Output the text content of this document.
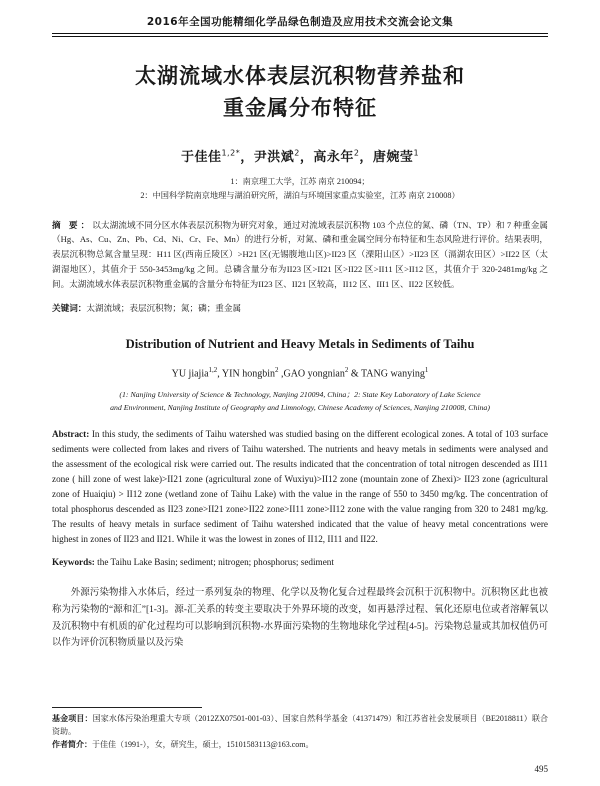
2016年全国功能精细化学品绿色制造及应用技术交流会论文集
太湖流域水体表层沉积物营养盐和
重金属分布特征
于佳佳$^{1,2*}$，尹洪斌$^2$，高永年$^2$，唐婉莹$^1$
1：南京理工大学，江苏 南京 210094；
2：中国科学院南京地理与湖泊研究所，湖泊与环境国家重点实验室，江苏 南京 210008）
摘 要：以太湖流域不同分区水体表层沉积物为研究对象，通过对流域表层沉积物 103 个点位的氮、磷（TN、TP）和 7 种重金属（Hg、As、Cu、Zn、Pb、Cd、Ni、Cr、Fe、Mn）的进行分析，对氮、磷和重金属空间分布特征和生态风险进行评价。结果表明，表层沉积物总氮含量呈现：H11 区(西南丘陵区）>H21 区(无锡腹地山区)>II23 区（溧阳山区）>II23 区（滆湖农田区）>II22 区（太湖湿地区），其值介于 550-3453mg/kg 之间。总磷含量分布为II23 区>II21 区>II22 区>II11 区>II12 区，其值介于 320-2481mg/kg 之间。太湖流域水体表层沉积物重金属的含量分布特征为II23 区、II21 区较高，II12 区、III1 区、II22 区较低。
关键词：太湖流域；表层沉积物；氮；磷；重金属
Distribution of Nutrient and Heavy Metals in Sediments of Taihu
YU jiajia$^{1,2}$, YIN hongbin$^2$ ,GAO yongnian$^2$ & TANG wanying$^1$
(1: Nanjing University of Science & Technology, Nanjing 210094, China；2: State Key Laboratory of Lake Science
and Environment, Nanjing Institute of Geography and Limnology, Chinese Academy of Sciences, Nanjing 210008, China)
Abstract: In this study, the sediments of Taihu watershed was studied basing on the different ecological zones. A total of 103 surface sediments were collected from lakes and rivers of Taihu watershed. The nutrients and heavy metals in sediments were analysed and the assessment of the ecological risk were carried out. The results indicated that the concentration of total nitrogen descended as II11 zone ( hill zone of west lake)>II21 zone (agricultural zone of Wuxiyu)>II12 zone (mountain zone of Zhexi)> II23 zone (agricultural zone of Huaiqiu) > II12 zone (wetland zone of Taihu Lake) with the value in the range of 550 to 3450 mg/kg. The concentration of total phosphorus descended as II23 zone>II21 zone>II22 zone>II11 zone>II12 zone with the value ranging from 320 to 2481 mg/kg. The results of heavy metals in surface sediment of Taihu watershed indicated that the value of heavy metal concentrations were highest in zones of II23 and II21. While it was the lowest in zones of II12, II11 and II22.
Keywords: the Taihu Lake Basin; sediment; nitrogen; phosphorus; sediment
外源污染物排入水体后，经过一系列复杂的物理、化学以及物化复合过程最终会沉积于沉积物中。沉积物区此也被称为污染物的“源和汇”[1-3]。源-汇关系的转变主要取决于外界环境的改变，如再悬浮过程、氧化还原电位或者溶解氧以及沉积物中有机质的矿化过程均可以影响到沉积物-水界面污染物的生物地球化学过程[4-5]。污染物总量或其加权值仍可以作为评价沉积物质量以及污染
基金项目：国家水体污染治理重大专项（2012ZX07501-001-03）、国家自然科学基金（41371479）和江苏省社会发展项目（BE2018811）联合资助。
作者简介：于佳佳（1991-），女，研究生，硕士，15101583113@163.com。
495
